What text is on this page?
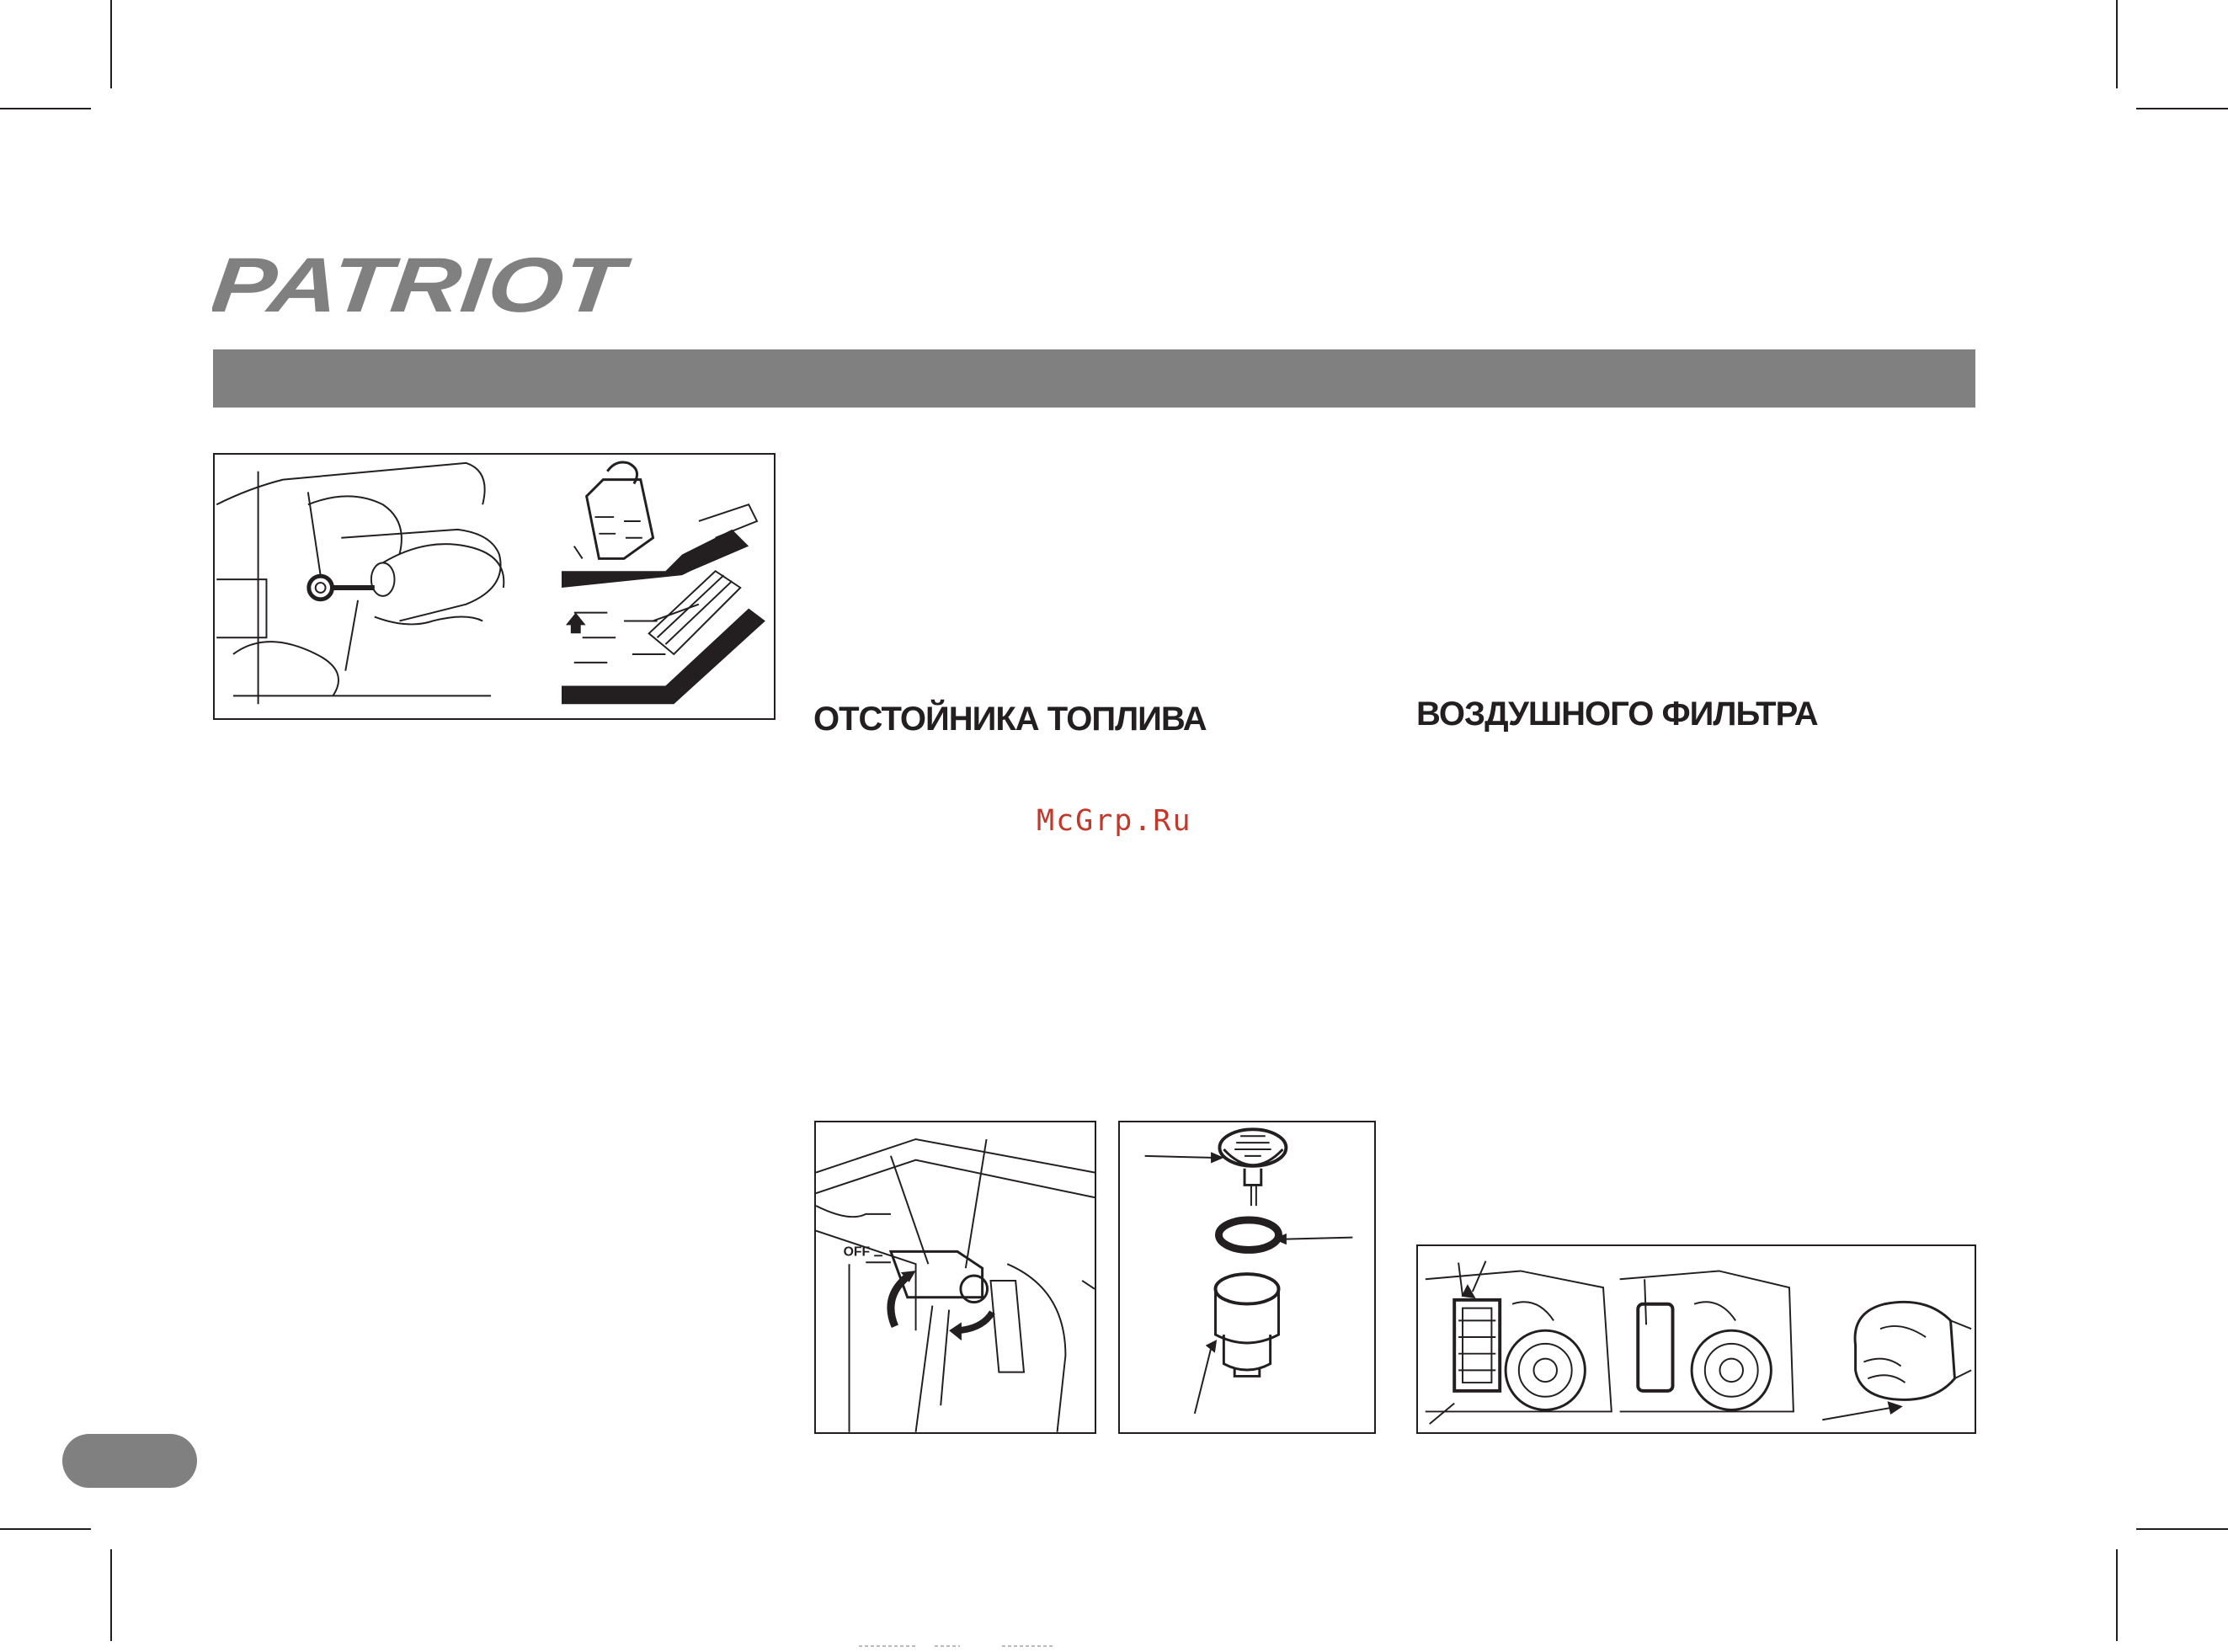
PATRIOT
ОТСТОЙНИКА ТОПЛИВА	ВОЗДУШНОГО ФИЛЬТРА
McGrp.Ru
OFF
